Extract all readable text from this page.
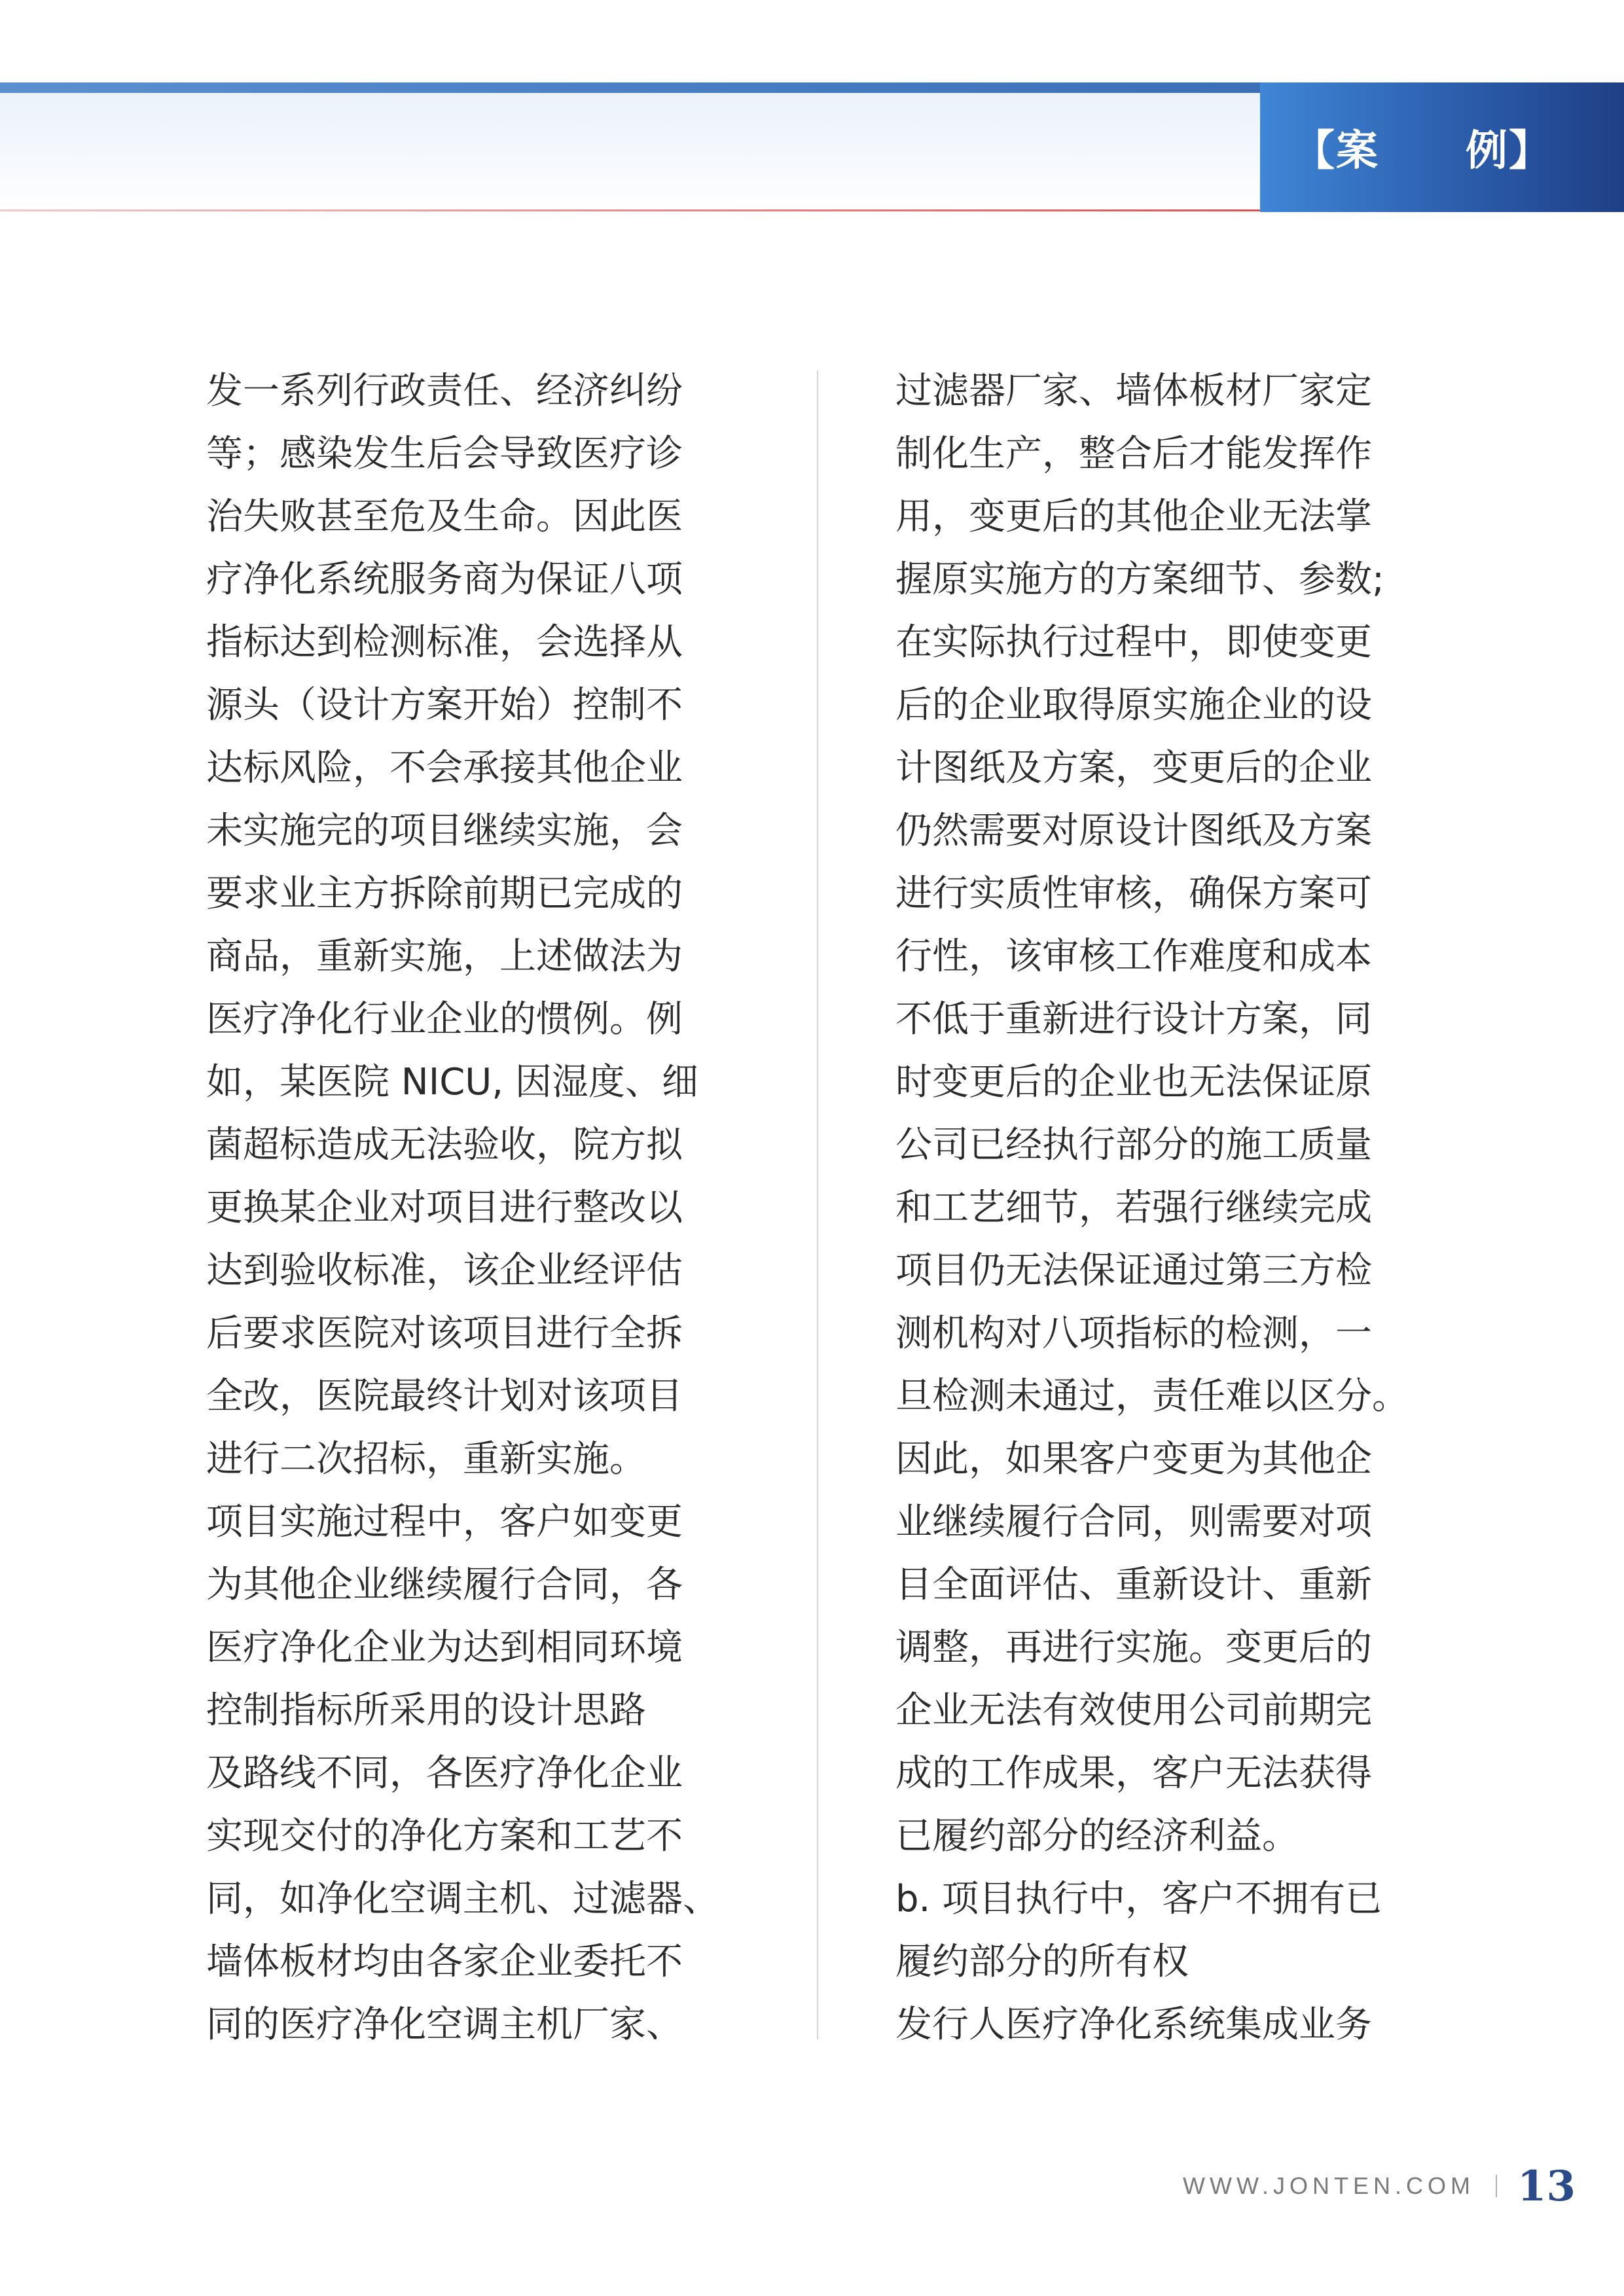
【案　　例】
发一系列行政责任、经济纠纷
等；感染发生后会导致医疗诊
治失败甚至危及生命。因此医
疗净化系统服务商为保证八项
指标达到检测标准，会选择从
源头（设计方案开始）控制不
达标风险，不会承接其他企业
未实施完的项目继续实施，会
要求业主方拆除前期已完成的
商品，重新实施，上述做法为
医疗净化行业企业的惯例。例
如，某医院 NICU, 因湿度、细
菌超标造成无法验收，院方拟
更换某企业对项目进行整改以
达到验收标准，该企业经评估
后要求医院对该项目进行全拆
全改，医院最终计划对该项目
进行二次招标，重新实施。
项目实施过程中，客户如变更
为其他企业继续履行合同，各
医疗净化企业为达到相同环境
控制指标所采用的设计思路
及路线不同，各医疗净化企业
实现交付的净化方案和工艺不
同，如净化空调主机、过滤器、
墙体板材均由各家企业委托不
同的医疗净化空调主机厂家、
过滤器厂家、墙体板材厂家定
制化生产，整合后才能发挥作
用，变更后的其他企业无法掌
握原实施方的方案细节、参数;
在实际执行过程中，即使变更
后的企业取得原实施企业的设
计图纸及方案，变更后的企业
仍然需要对原设计图纸及方案
进行实质性审核，确保方案可
行性，该审核工作难度和成本
不低于重新进行设计方案，同
时变更后的企业也无法保证原
公司已经执行部分的施工质量
和工艺细节，若强行继续完成
项目仍无法保证通过第三方检
测机构对八项指标的检测，一
旦检测未通过，责任难以区分。
因此，如果客户变更为其他企
业继续履行合同，则需要对项
目全面评估、重新设计、重新
调整，再进行实施。变更后的
企业无法有效使用公司前期完
成的工作成果，客户无法获得
已履约部分的经济利益。
b. 项目执行中，客户不拥有已
履约部分的所有权
发行人医疗净化系统集成业务
WWW.JONTEN.COM 13
